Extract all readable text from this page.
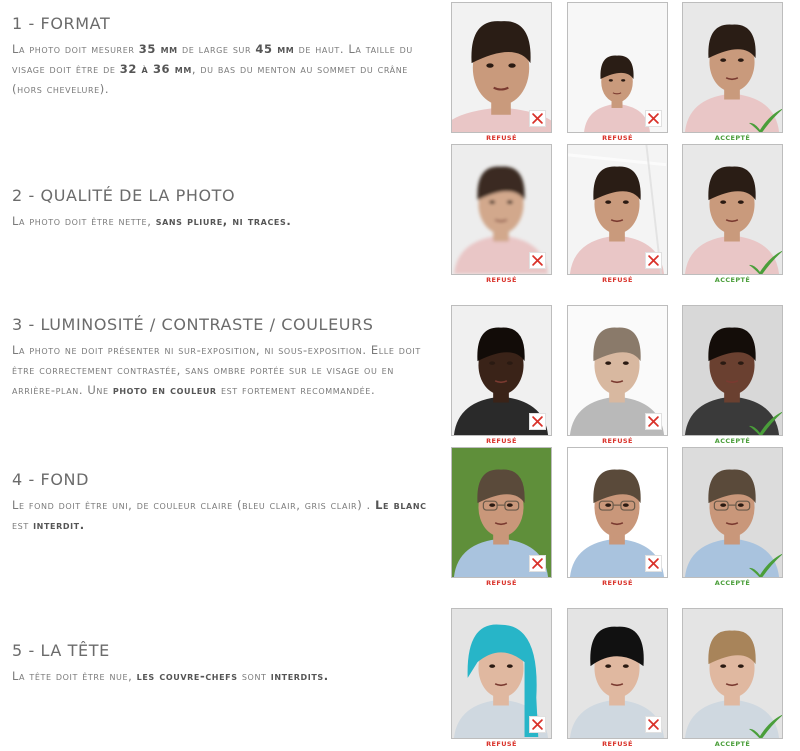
1 - FORMAT

La photo doit mesurer 35 mm de large sur 45 mm de haut. La taille du visage doit être de 32 à 36 mm, du bas du menton au sommet du crâne (hors chevelure).

2 - QUALITÉ DE LA PHOTO

La photo doit être nette, sans pliure, ni traces.

3 - LUMINOSITÉ / CONTRASTE / COULEURS

La photo ne doit présenter ni sur-exposition, ni sous-exposition. Elle doit être correctement contrastée, sans ombre portée sur le visage ou en arrière-plan. Une photo en couleur est fortement recommandée.

4 - FOND

Le fond doit être uni, de couleur claire (bleu clair, gris clair) . Le blanc est interdit.

5 - LA TÊTE

La tête doit être nue, les couvre-chefs sont interdits.

REFUSÉ	REFUSÉ	ACCEPTÉ
REFUSÉ	REFUSÉ	ACCEPTÉ
REFUSÉ	REFUSÉ	ACCEPTÉ
REFUSÉ	REFUSÉ	ACCEPTÉ
REFUSÉ	REFUSÉ	ACCEPTÉ
